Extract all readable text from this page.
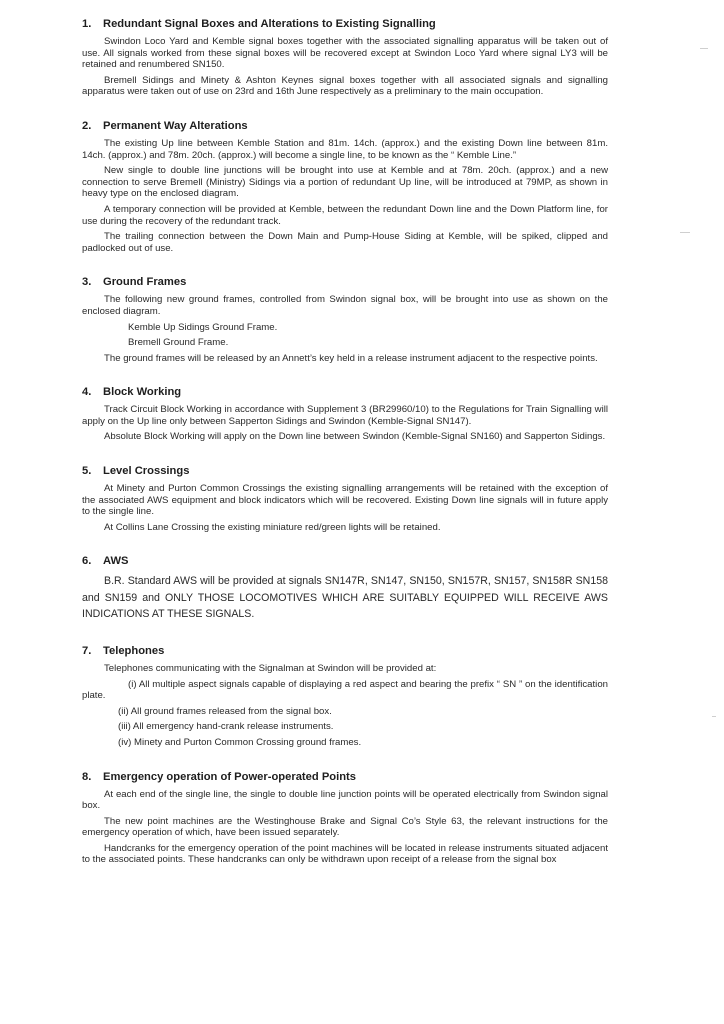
1.	Redundant Signal Boxes and Alterations to Existing Signalling

Swindon Loco Yard and Kemble signal boxes together with the associated signalling apparatus will be taken out of use. All signals worked from these signal boxes will be recovered except at Swindon Loco Yard where signal LY3 will be retained and renumbered SN150.

Bremell Sidings and Minety & Ashton Keynes signal boxes together with all associated signals and signalling apparatus were taken out of use on 23rd and 16th June respectively as a preliminary to the main occupation.

2.	Permanent Way Alterations

The existing Up line between Kemble Station and 81m. 14ch. (approx.) and the existing Down line between 81m. 14ch. (approx.) and 78m. 20ch. (approx.) will become a single line, to be known as the “ Kemble Line.”

New single to double line junctions will be brought into use at Kemble and at 78m. 20ch. (approx.) and a new connection to serve Bremell (Ministry) Sidings via a portion of redundant Up line, will be introduced at 79MP, as shown in heavy type on the enclosed diagram.

A temporary connection will be provided at Kemble, between the redundant Down line and the Down Platform line, for use during the recovery of the redundant track.

The trailing connection between the Down Main and Pump-House Siding at Kemble, will be spiked, clipped and padlocked out of use.

3.	Ground Frames

The following new ground frames, controlled from Swindon signal box, will be brought into use as shown on the enclosed diagram.

Kemble Up Sidings Ground Frame.

Bremell Ground Frame.

The ground frames will be released by an Annett’s key held in a release instrument adjacent to the respective points.

4.	Block Working

Track Circuit Block Working in accordance with Supplement 3 (BR29960/10) to the Regulations for Train Signalling will apply on the Up line only between Sapperton Sidings and Swindon (Kemble-Signal SN147).

Absolute Block Working will apply on the Down line between Swindon (Kemble-Signal SN160) and Sapperton Sidings.

5.	Level Crossings

At Minety and Purton Common Crossings the existing signalling arrangements will be retained with the exception of the associated AWS equipment and block indicators which will be recovered. Existing Down line signals will in future apply to the single line.

At Collins Lane Crossing the existing miniature red/green lights will be retained.

6.	AWS

B.R. Standard AWS will be provided at signals SN147R, SN147, SN150, SN157R, SN157, SN158R SN158 and SN159 and ONLY THOSE LOCOMOTIVES WHICH ARE SUITABLY EQUIPPED WILL RECEIVE AWS INDICATIONS AT THESE SIGNALS.

7.	Telephones

Telephones communicating with the Signalman at Swindon will be provided at:

(i) All multiple aspect signals capable of displaying a red aspect and bearing the prefix “ SN ” on the identification plate.

(ii) All ground frames released from the signal box.

(iii) All emergency hand-crank release instruments.

(iv) Minety and Purton Common Crossing ground frames.

8.	Emergency operation of Power-operated Points

At each end of the single line, the single to double line junction points will be operated electrically from Swindon signal box.

The new point machines are the Westinghouse Brake and Signal Co’s Style 63, the relevant instructions for the emergency operation of which, have been issued separately.

Handcranks for the emergency operation of the point machines will be located in release instruments situated adjacent to the associated points. These handcranks can only be withdrawn upon receipt of a release from the signal box
